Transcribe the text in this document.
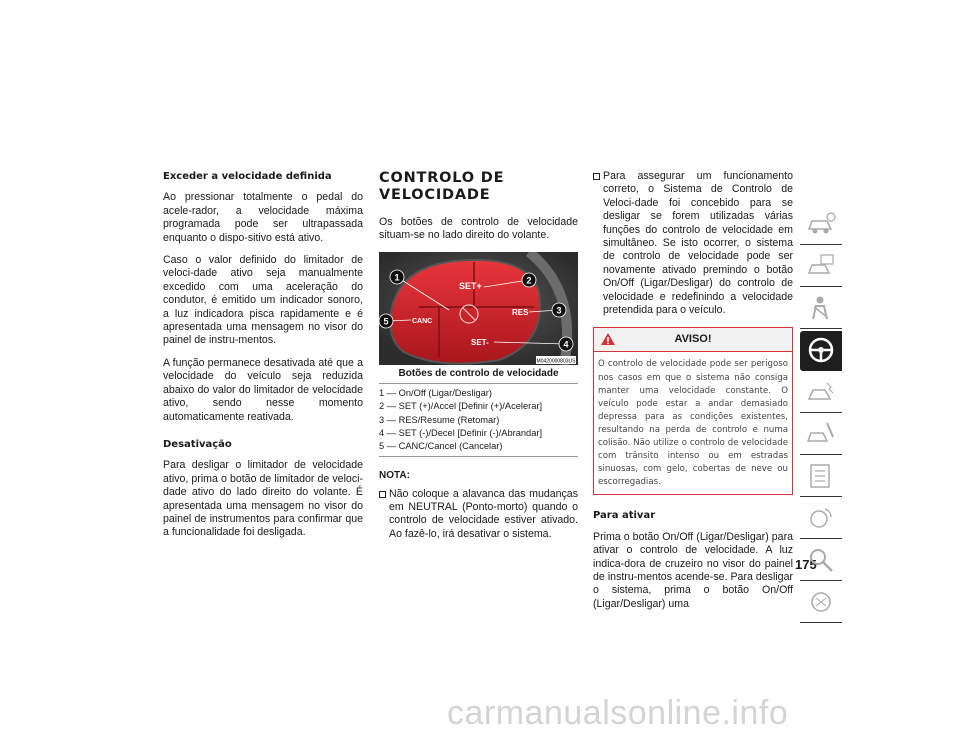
Exceder a velocidade definida

Ao pressionar totalmente o pedal do acele-rador, a velocidade máxima programada pode ser ultrapassada enquanto o dispo-sitivo está ativo.

Caso o valor definido do limitador de veloci-dade ativo seja manualmente excedido com uma aceleração do condutor, é emitido um indicador sonoro, a luz indicadora pisca rapidamente e é apresentada uma mensagem no visor do painel de instru-mentos.

A função permanece desativada até que a velocidade do veículo seja reduzida abaixo do valor do limitador de velocidade ativo, sendo nesse momento automaticamente reativada.

Desativação

Para desligar o limitador de velocidade ativo, prima o botão de limitador de veloci-dade ativo do lado direito do volante. É apresentada uma mensagem no visor do painel de instrumentos para confirmar que a funcionalidade foi desligada.

CONTROLO DE
VELOCIDADE

Os botões de controlo de velocidade situam-se no lado direito do volante.

SET+
RES
CANC
SET-
1	2
3
4
5
M0420000803US
Botões de controlo de velocidade
1 — On/Off (Ligar/Desligar)
2 — SET (+)/Accel [Definir (+)/Acelerar]
3 — RES/Resume (Retomar)
4 — SET (-)/Decel [Definir (-)/Abrandar]
5 — CANC/Cancel (Cancelar)
NOTA:
Não coloque a alavanca das mudanças em NEUTRAL (Ponto-morto) quando o controlo de velocidade estiver ativado. Ao fazê-lo, irá desativar o sistema.
Para assegurar um funcionamento correto, o Sistema de Controlo de Veloci-dade foi concebido para se desligar se forem utilizadas várias funções do controlo de velocidade em simultâneo. Se isto ocorrer, o sistema de controlo de velocidade pode ser novamente ativado premindo o botão On/Off (Ligar/Desligar) do controlo de velocidade e redefinindo a velocidade pretendida para o veículo.
AVISO!
O controlo de velocidade pode ser perigoso nos casos em que o sistema não consiga manter uma velocidade constante. O veículo pode estar a andar demasiado depressa para as condições existentes, resultando na perda de controlo e numa colisão. Não utilize o controlo de velocidade com trânsito intenso ou em estradas sinuosas, com gelo, cobertas de neve ou escorregadias.
Para ativar

Prima o botão On/Off (Ligar/Desligar) para ativar o controlo de velocidade. A luz indica-dora de cruzeiro no visor do painel de instru-mentos acende-se. Para desligar o sistema, prima o botão On/Off (Ligar/Desligar) uma

175
carmanualsonline.info
